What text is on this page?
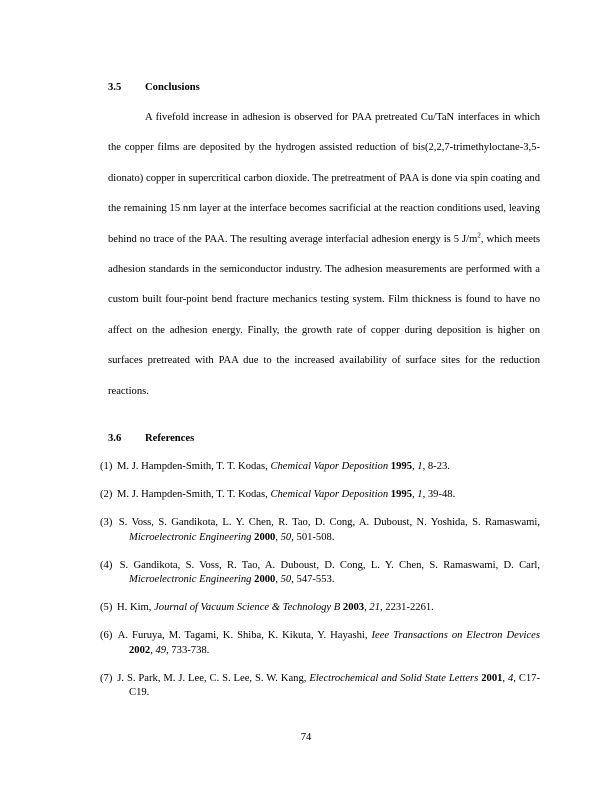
3.5 Conclusions

A fivefold increase in adhesion is observed for PAA pretreated Cu/TaN interfaces in which the copper films are deposited by the hydrogen assisted reduction of bis(2,2,7-trimethyloctane-3,5-dionato) copper in supercritical carbon dioxide. The pretreatment of PAA is done via spin coating and the remaining 15 nm layer at the interface becomes sacrificial at the reaction conditions used, leaving behind no trace of the PAA. The resulting average interfacial adhesion energy is 5 $J/m^2$, which meets adhesion standards in the semiconductor industry. The adhesion measurements are performed with a custom built four-point bend fracture mechanics testing system. Film thickness is found to have no affect on the adhesion energy. Finally, the growth rate of copper during deposition is higher on surfaces pretreated with PAA due to the increased availability of surface sites for the reduction reactions.

3.6 References
(1) M. J. Hampden-Smith, T. T. Kodas, Chemical Vapor Deposition 1995, 1, 8-23.
(2) M. J. Hampden-Smith, T. T. Kodas, Chemical Vapor Deposition 1995, 1, 39-48.
(3) S. Voss, S. Gandikota, L. Y. Chen, R. Tao, D. Cong, A. Duboust, N. Yoshida, S. Ramaswami, Microelectronic Engineering 2000, 50, 501-508.
(4) S. Gandikota, S. Voss, R. Tao, A. Duboust, D. Cong, L. Y. Chen, S. Ramaswami, D. Carl, Microelectronic Engineering 2000, 50, 547-553.
(5) H. Kim, Journal of Vacuum Science & Technology B 2003, 21, 2231-2261.
(6) A. Furuya, M. Tagami, K. Shiba, K. Kikuta, Y. Hayashi, Ieee Transactions on Electron Devices 2002, 49, 733-738.
(7) J. S. Park, M. J. Lee, C. S. Lee, S. W. Kang, Electrochemical and Solid State Letters 2001, 4, C17-C19.
74
